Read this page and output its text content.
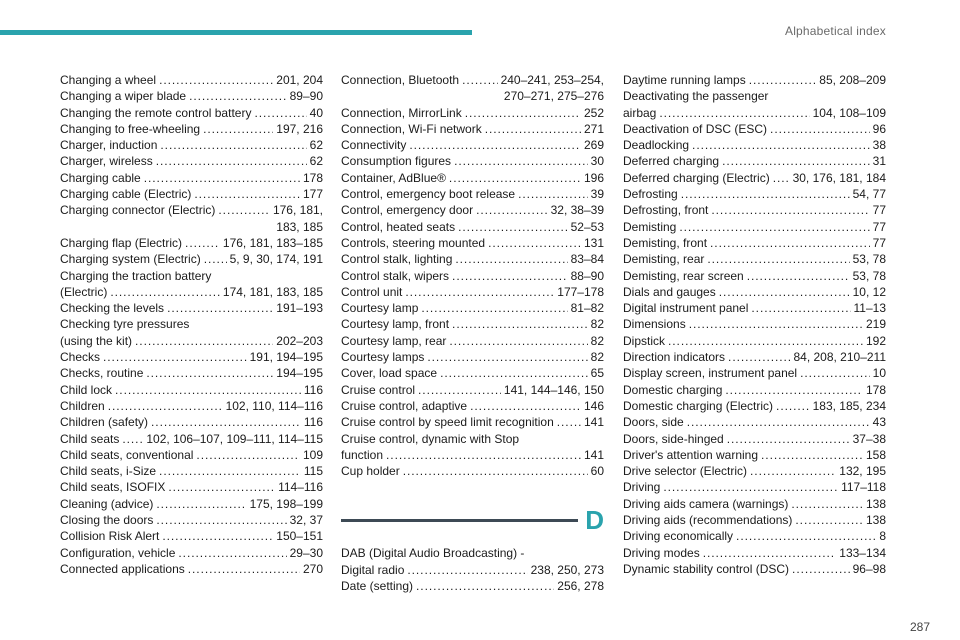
Alphabetical index
Changing a wheel . . .	201, 204
Changing a wiper blade . . .	89–90
Changing the remote control battery . . .	40
Changing to free-wheeling . . .	197, 216
Charger, induction . . .	62
Charger, wireless . . .	62
Charging cable . . .	178
Charging cable (Electric) . . .	177
Charging connector (Electric) . . .	176, 181,
183, 185
Charging flap (Electric) . . .	176, 181, 183–185
Charging system (Electric) . . . 5, 9, 30, 174, 191
Charging the traction battery
(Electric) . . .	174, 181, 183, 185
Checking the levels . . .	191–193
Checking tyre pressures
(using the kit) . . .	202–203
Checks . . .	191, 194–195
Checks, routine . . .	194–195
Child lock . . .	116
Children . . .	102, 110, 114–116
Children (safety) . . .	116
Child seats . . . 102, 106–107, 109–111, 114–115
Child seats, conventional . . .	109
Child seats, i-Size . . .	115
Child seats, ISOFIX . . .	114–116
Cleaning (advice) . . .	175, 198–199
Closing the doors . . .	32, 37
Collision Risk Alert . . .	150–151
Configuration, vehicle . . .	29–30
Connected applications . . .	270
Connection, Bluetooth . . .	240–241, 253–254,
270–271, 275–276
Connection, MirrorLink . . .	252
Connection, Wi-Fi network . . .	271
Connectivity . . .	269
Consumption figures . . .	30
Container, AdBlue® . . .	196
Control, emergency boot release . . .	39
Control, emergency door . . .	32, 38–39
Control, heated seats . . .	52–53
Controls, steering mounted . . .	131
Control stalk, lighting . . .	83–84
Control stalk, wipers . . .	88–90
Control unit . . .	177–178
Courtesy lamp . . .	81–82
Courtesy lamp, front . . .	82
Courtesy lamp, rear . . .	82
Courtesy lamps . . .	82
Cover, load space . . .	65
Cruise control . . .	141, 144–146, 150
Cruise control, adaptive . . .	146
Cruise control by speed limit recognition . . .	141
Cruise control, dynamic with Stop
function . . .	141
Cup holder . . .	60
D
DAB (Digital Audio Broadcasting) -
Digital radio . . .	238, 250, 273
Date (setting) . . .	256, 278
Daytime running lamps . . .	85, 208–209
Deactivating the passenger
airbag . . .	104, 108–109
Deactivation of DSC (ESC) . . .	96
Deadlocking . . .	38
Deferred charging . . .	31
Deferred charging (Electric) . . . 30, 176, 181, 184
Defrosting . . .	54, 77
Defrosting, front . . .	77
Demisting . . .	77
Demisting, front . . .	77
Demisting, rear . . .	53, 78
Demisting, rear screen . . .	53, 78
Dials and gauges . . .	10, 12
Digital instrument panel . . .	11–13
Dimensions . . .	219
Dipstick . . .	192
Direction indicators . . .	84, 208, 210–211
Display screen, instrument panel . . .	10
Domestic charging . . .	178
Domestic charging (Electric) . . .	183, 185, 234
Doors, side . . .	43
Doors, side-hinged . . .	37–38
Driver's attention warning . . .	158
Drive selector (Electric) . . .	132, 195
Driving . . .	117–118
Driving aids camera (warnings) . . .	138
Driving aids (recommendations) . . .	138
Driving economically . . .	8
Driving modes . . .	133–134
Dynamic stability control (DSC) . . .	96–98
287
